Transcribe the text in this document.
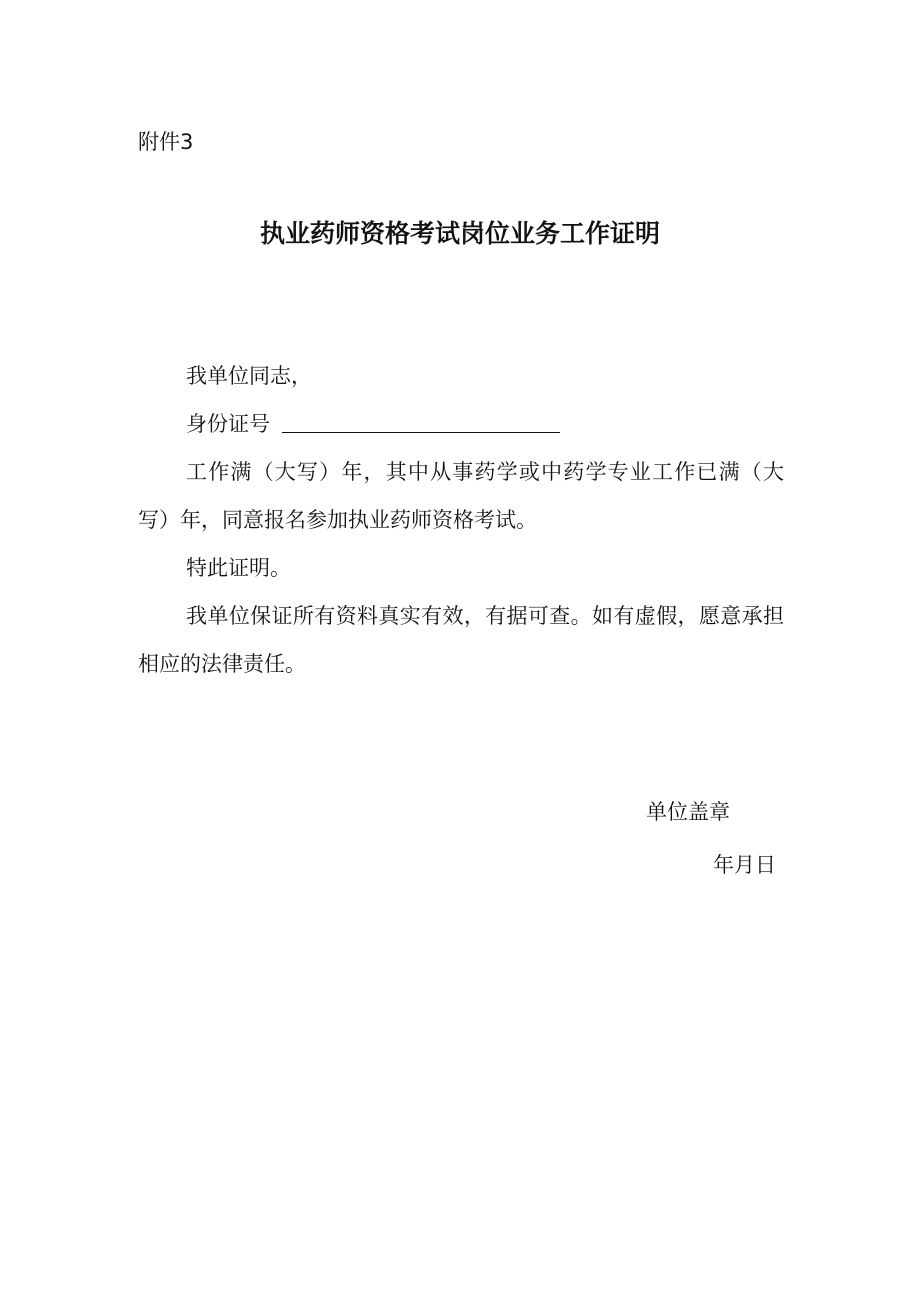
附件3
执业药师资格考试岗位业务工作证明

我单位同志，

身份证号

工作满（大写）年，其中从事药学或中药学专业工作已满（大写）年，同意报名参加执业药师资格考试。

特此证明。

我单位保证所有资料真实有效，有据可查。如有虚假，愿意承担相应的法律责任。

单位盖章
年月日
